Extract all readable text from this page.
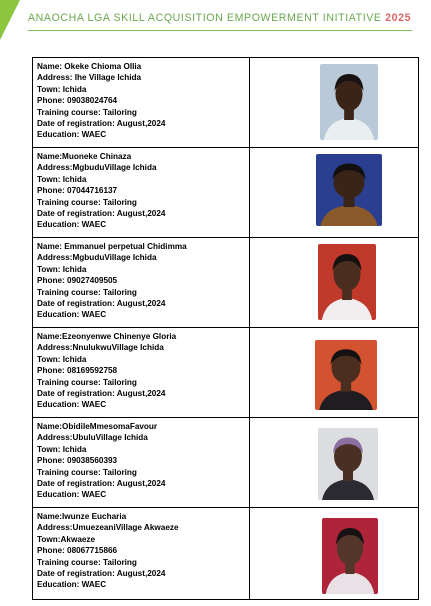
ANAOCHA LGA SKILL ACQUISITION EMPOWERMENT INITIATIVE 2025
Name: Okeke Chioma Ollia
Address: Ihe Village Ichida
Town: Ichida
Phone: 09038024764
Training course: Tailoring
Date of registration: August,2024
Education: WAEC
Name:Muoneke Chinaza
Address:MgbuduVillage Ichida
Town: Ichida
Phone: 07044716137
Training course: Tailoring
Date of registration: August,2024
Education: WAEC
Name: Emmanuel perpetual Chidimma
Address:MgbuduVillage Ichida
Town: Ichida
Phone: 09027409505
Training course: Tailoring
Date of registration: August,2024
Education: WAEC
Name:Ezeonyenwe Chinenye Gloria
Address:NnulukwuVillage Ichida
Town: Ichida
Phone: 08169592758
Training course: Tailoring
Date of registration: August,2024
Education: WAEC
Name:ObidileMmesomaFavour
Address:UbuluVillage Ichida
Town: Ichida
Phone: 09038560393
Training course: Tailoring
Date of registration: August,2024
Education: WAEC
Name:Iwunze Eucharia
Address:UmuezeaniVillage Akwaeze
Town:Akwaeze
Phone: 08067715866
Training course: Tailoring
Date of registration: August,2024
Education: WAEC
